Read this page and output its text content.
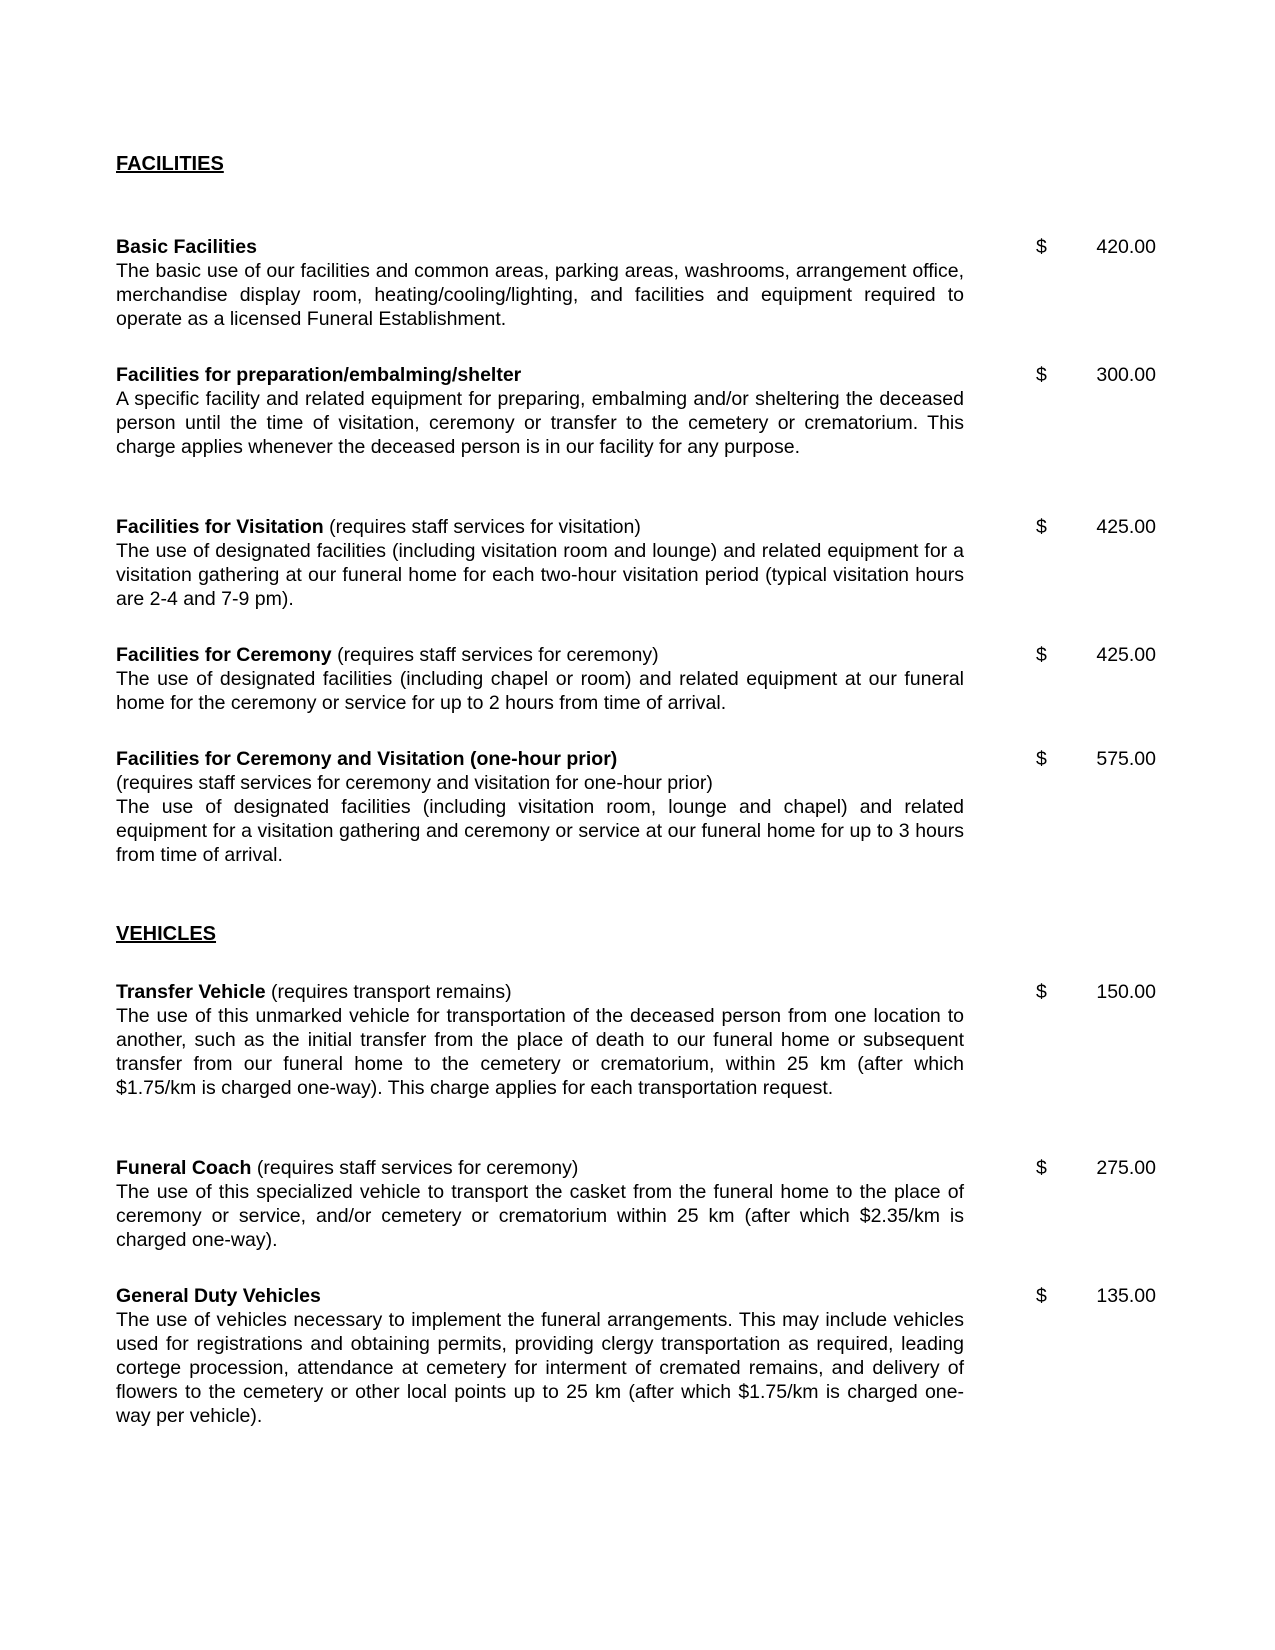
FACILITIES
Basic Facilities
The basic use of our facilities and common areas, parking areas, washrooms, arrangement office, merchandise display room, heating/cooling/lighting, and facilities and equipment required to operate as a licensed Funeral Establishment.
$	420.00
Facilities for preparation/embalming/shelter
A specific facility and related equipment for preparing, embalming and/or sheltering the deceased person until the time of visitation, ceremony or transfer to the cemetery or crematorium. This charge applies whenever the deceased person is in our facility for any purpose.
$	300.00
Facilities for Visitation (requires staff services for visitation)
The use of designated facilities (including visitation room and lounge) and related equipment for a visitation gathering at our funeral home for each two-hour visitation period (typical visitation hours are 2-4 and 7-9 pm).
$	425.00
Facilities for Ceremony (requires staff services for ceremony)
The use of designated facilities (including chapel or room) and related equipment at our funeral home for the ceremony or service for up to 2 hours from time of arrival.
$	425.00
Facilities for Ceremony and Visitation (one-hour prior)
(requires staff services for ceremony and visitation for one-hour prior)
The use of designated facilities (including visitation room, lounge and chapel) and related equipment for a visitation gathering and ceremony or service at our funeral home for up to 3 hours from time of arrival.
$	575.00
VEHICLES
Transfer Vehicle (requires transport remains)
The use of this unmarked vehicle for transportation of the deceased person from one location to another, such as the initial transfer from the place of death to our funeral home or subsequent transfer from our funeral home to the cemetery or crematorium, within 25 km (after which $1.75/km is charged one-way). This charge applies for each transportation request.
$	150.00
Funeral Coach (requires staff services for ceremony)
The use of this specialized vehicle to transport the casket from the funeral home to the place of ceremony or service, and/or cemetery or crematorium within 25 km (after which $2.35/km is charged one-way).
$	275.00
General Duty Vehicles
The use of vehicles necessary to implement the funeral arrangements. This may include vehicles used for registrations and obtaining permits, providing clergy transportation as required, leading cortege procession, attendance at cemetery for interment of cremated remains, and delivery of flowers to the cemetery or other local points up to 25 km (after which $1.75/km is charged one-way per vehicle).
$	135.00
